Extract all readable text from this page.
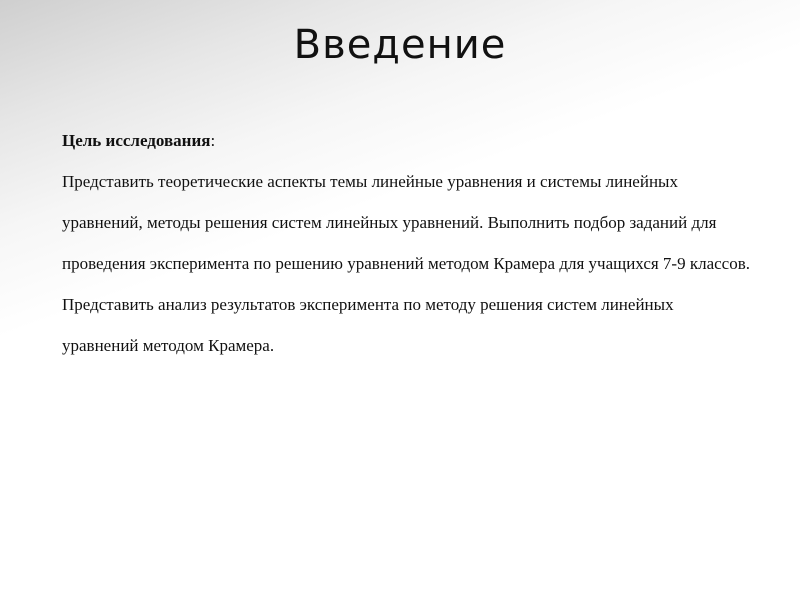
Введение
Цель исследования:
Представить теоретические аспекты темы линейные уравнения и системы линейных уравнений, методы решения систем линейных уравнений. Выполнить подбор заданий для проведения эксперимента по решению уравнений методом Крамера для учащихся 7-9 классов. Представить анализ результатов эксперимента по методу решения систем линейных уравнений методом Крамера.
